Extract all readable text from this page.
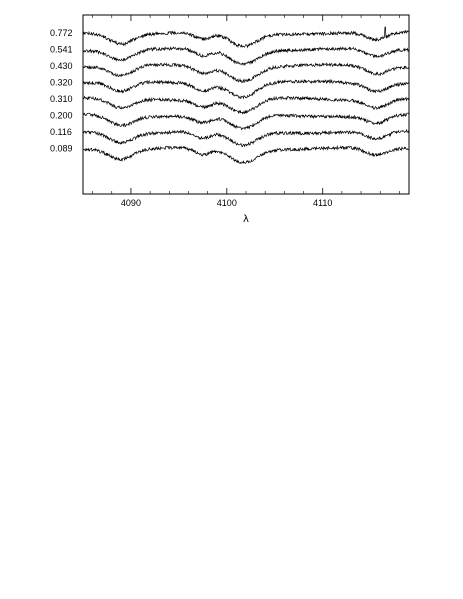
0.772
0.541
0.430
0.320
0.310
0.200
0.116
0.089
4090	4100	4110
λ
